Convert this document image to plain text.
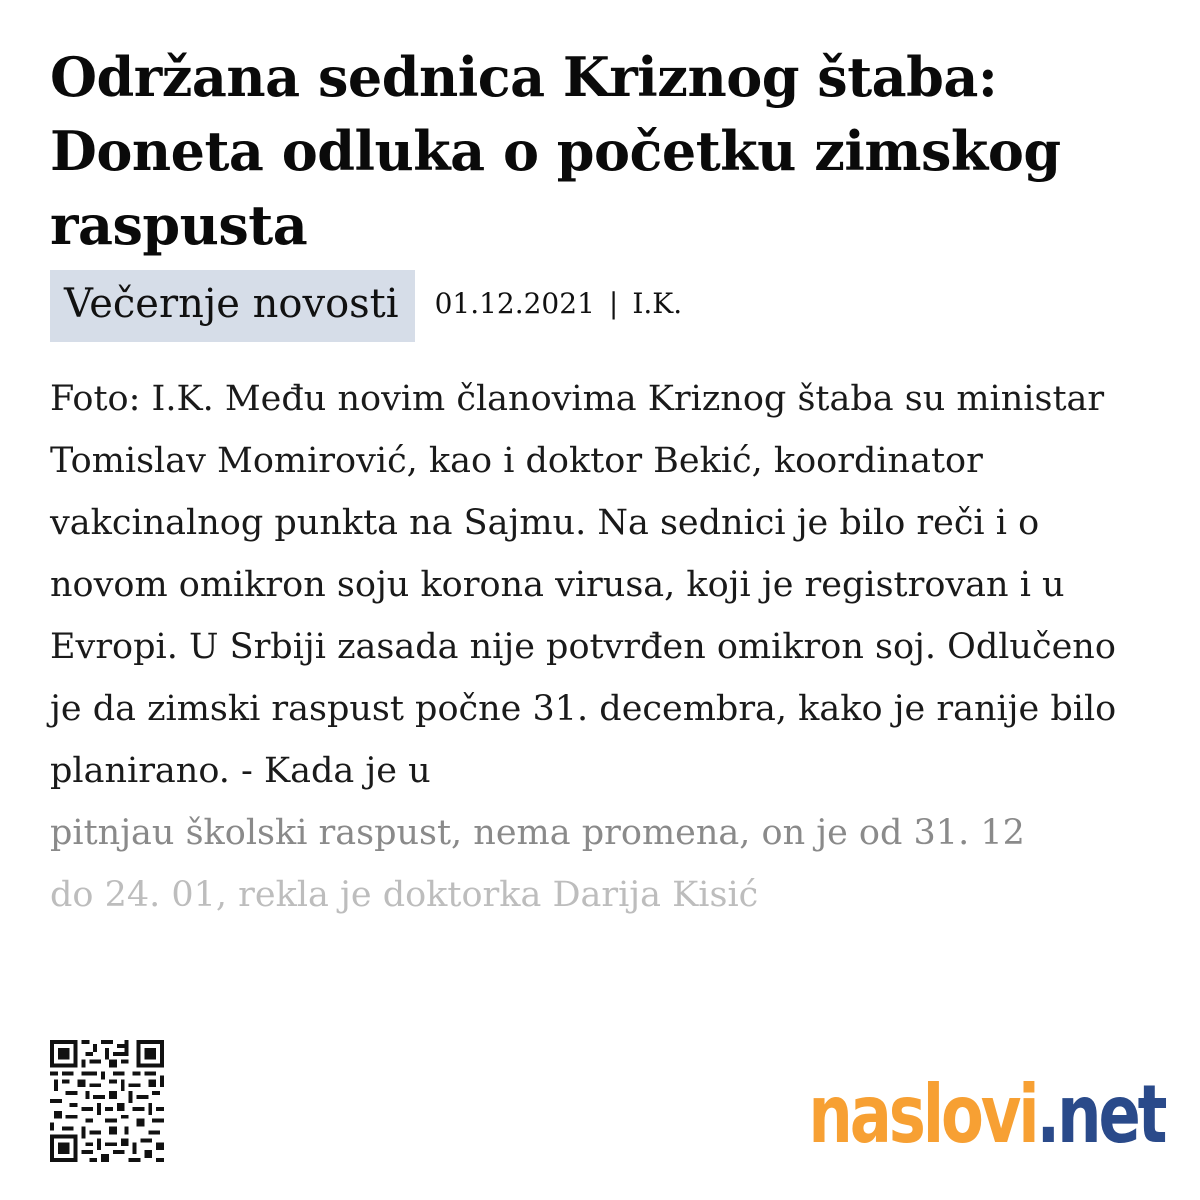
Održana sednica Kriznog štaba: Doneta odluka o početku zimskog raspusta
Večernje novosti	01.12.2021 | I.K.

Foto: I.K. Među novim članovima Kriznog štaba su ministar Tomislav Momirović, kao i doktor Bekić, koordinator vakcinalnog punkta na Sajmu. Na sednici je bilo reči i o novom omikron soju korona virusa, koji je registrovan i u Evropi. U Srbiji zasada nije potvrđen omikron soj. Odlučeno je da zimski raspust počne 31. decembra, kako je ranije bilo planirano. - Kada je u
pitnjau školski raspust, nema promena, on je od 31. 12
do 24. 01, rekla je doktorka Darija Kisić

naslovi.net
